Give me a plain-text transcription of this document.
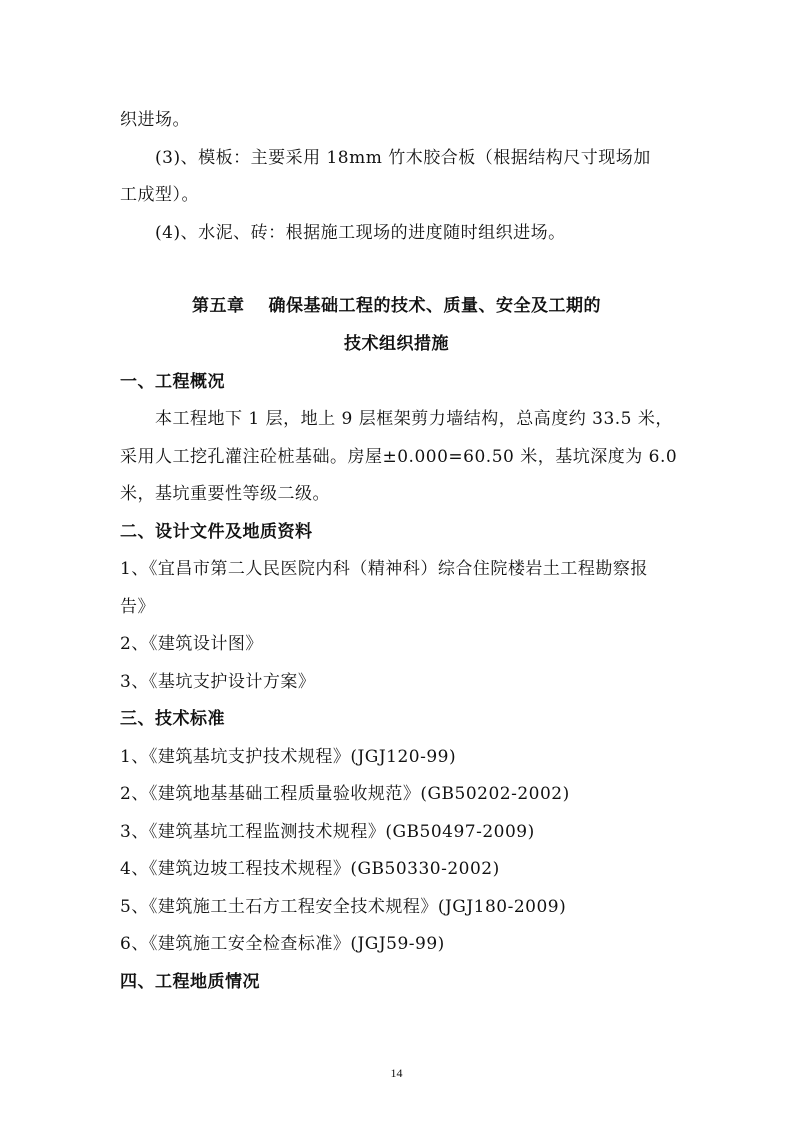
织进场。
(3)、模板：主要采用 18mm 竹木胶合板（根据结构尺寸现场加
工成型）。
(4)、水泥、砖：根据施工现场的进度随时组织进场。
第五章　 确保基础工程的技术、质量、安全及工期的
技术组织措施
一、工程概况
本工程地下 1 层，地上 9 层框架剪力墙结构，总高度约 33.5 米，
采用人工挖孔灌注砼桩基础。房屋±0.000=60.50 米，基坑深度为 6.0
米，基坑重要性等级二级。
二、设计文件及地质资料
1、《宜昌市第二人民医院内科（精神科）综合住院楼岩土工程勘察报
告》
2、《建筑设计图》
3、《基坑支护设计方案》
三、技术标准
1、《建筑基坑支护技术规程》(JGJ120-99)
2、《建筑地基基础工程质量验收规范》(GB50202-2002)
3、《建筑基坑工程监测技术规程》(GB50497-2009)
4、《建筑边坡工程技术规程》(GB50330-2002)
5、《建筑施工土石方工程安全技术规程》(JGJ180-2009)
6、《建筑施工安全检查标准》(JGJ59-99)
四、工程地质情况
14
